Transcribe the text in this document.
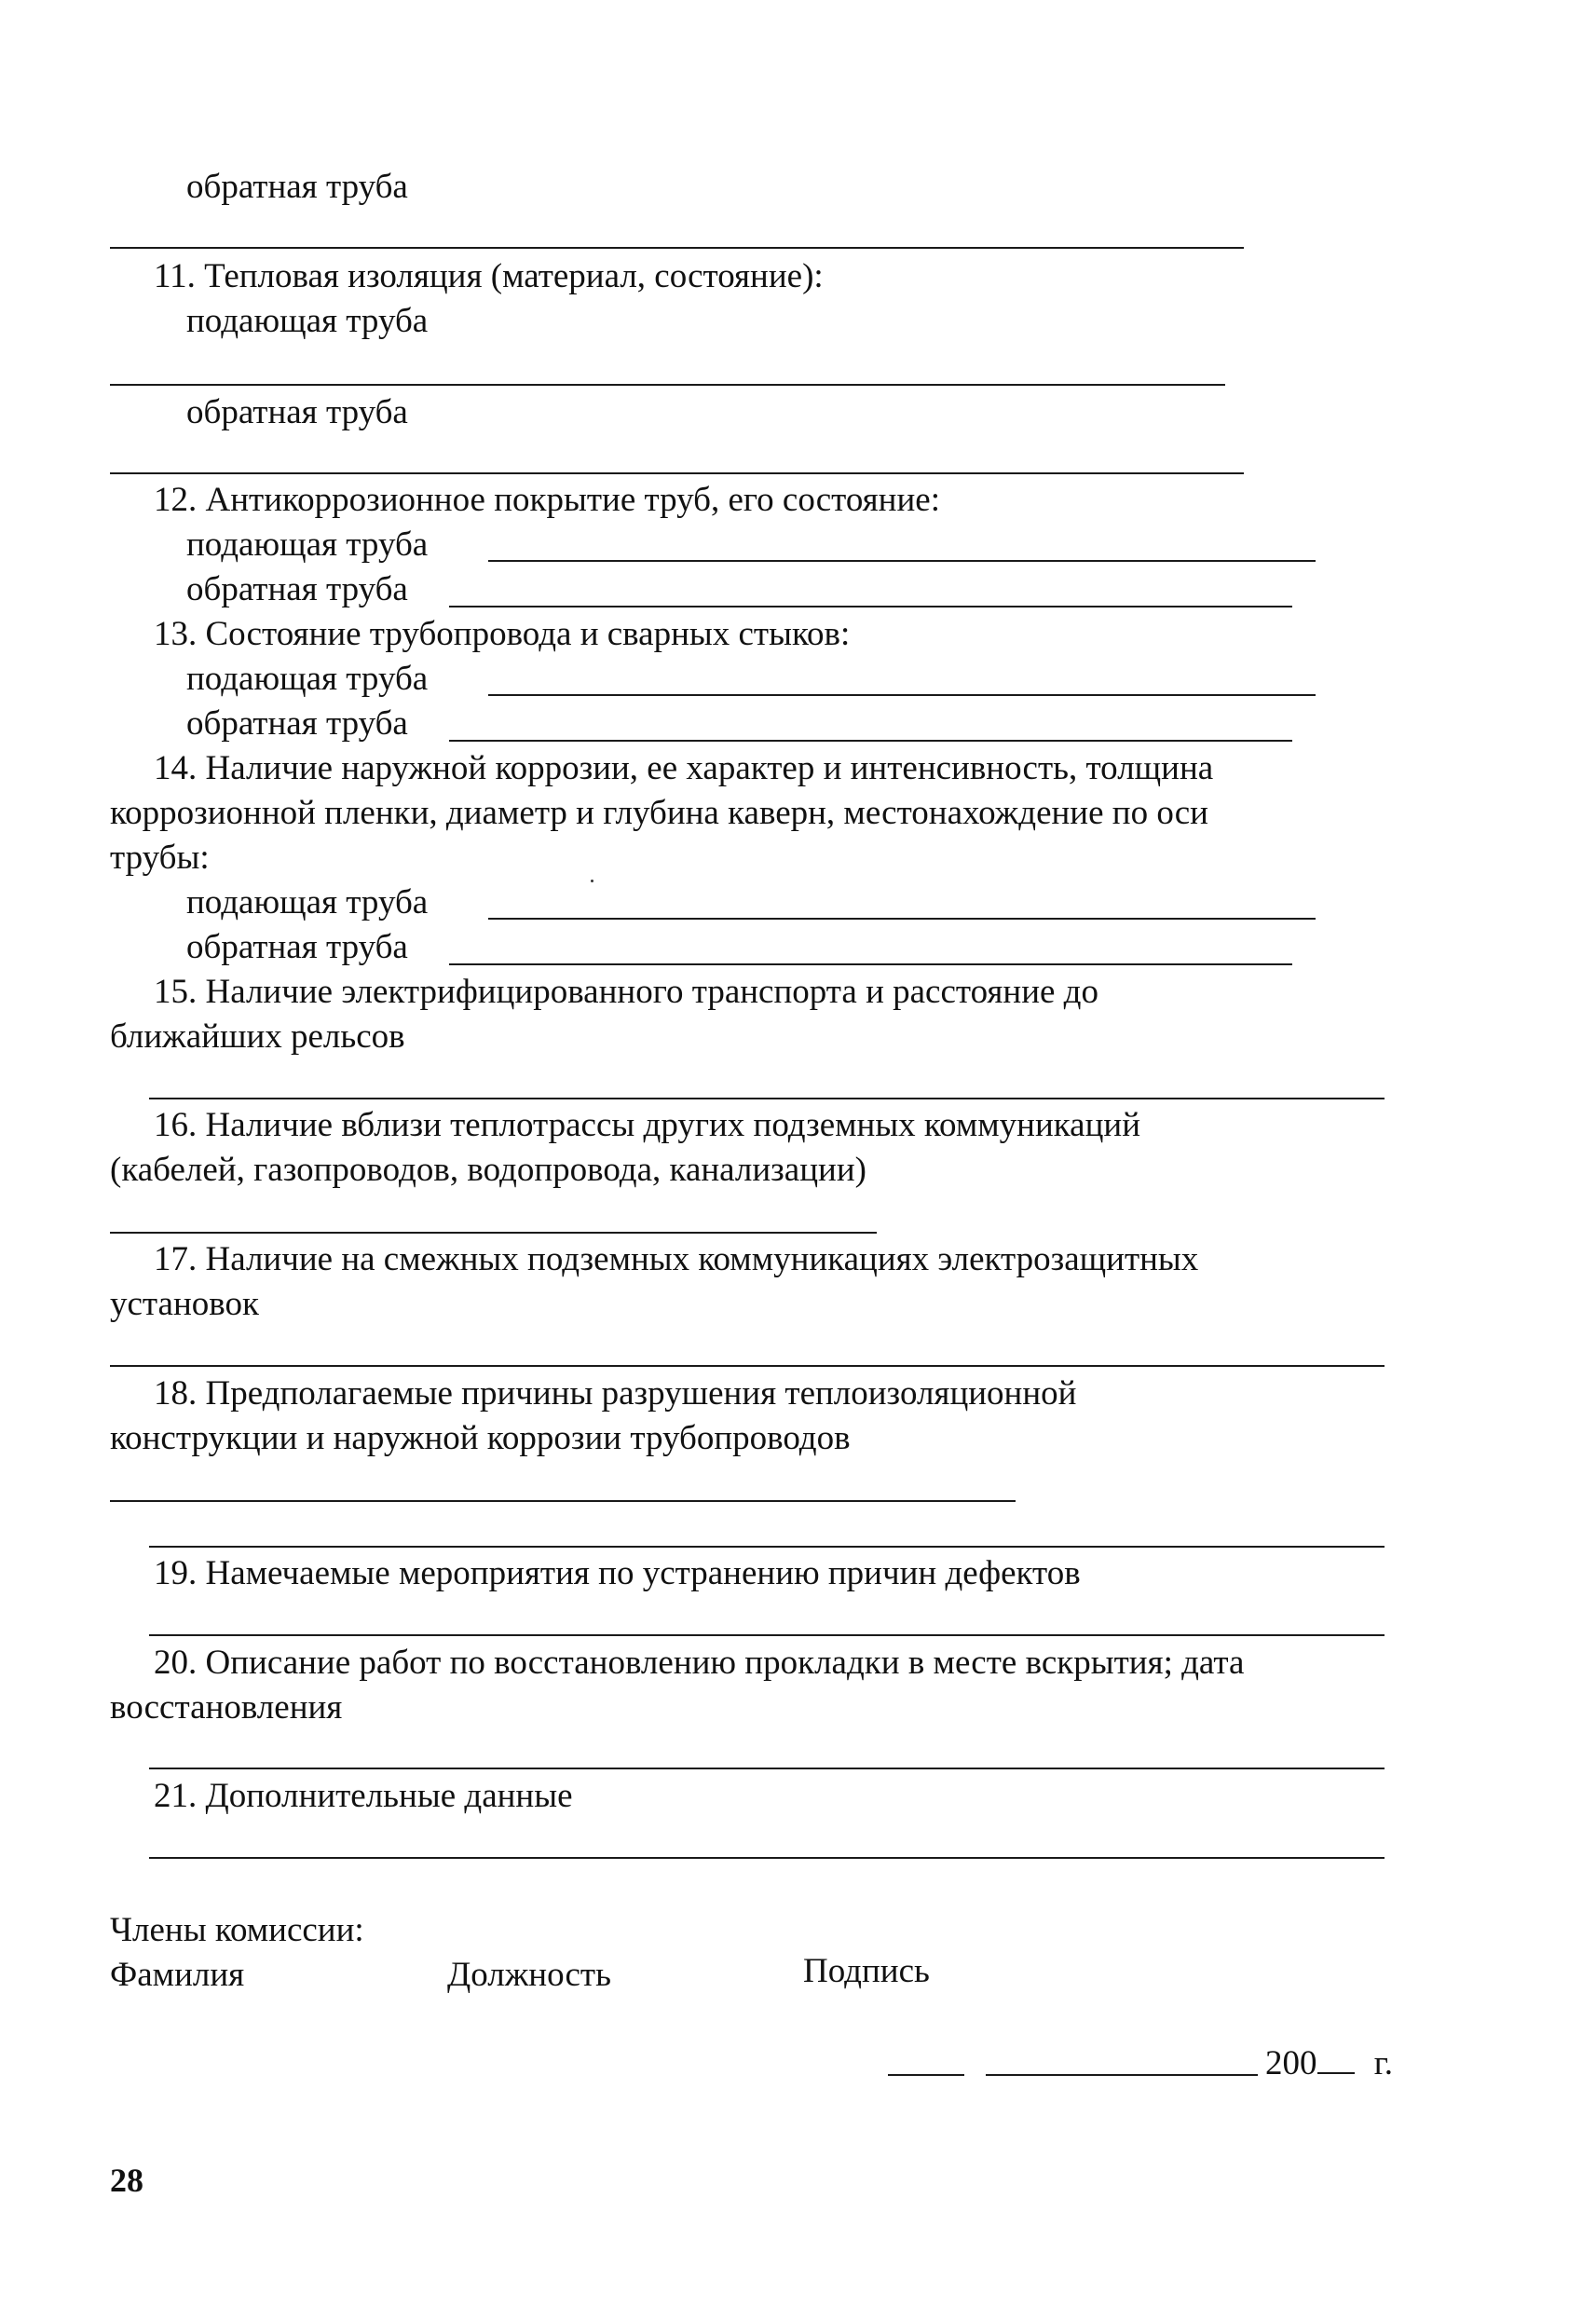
обратная труба
11. Тепловая изоляция (материал, состояние):
подающая труба
обратная труба
12. Антикоррозионное покрытие труб, его состояние:
подающая труба
обратная труба
13. Состояние трубопровода и сварных стыков:
подающая труба
обратная труба
14. Наличие наружной коррозии, ее характер и интенсивность, толщина
коррозионной пленки, диаметр и глубина каверн, местонахождение по оси
трубы:
подающая труба
обратная труба
15. Наличие электрифицированного транспорта и расстояние до
ближайших рельсов
16. Наличие вблизи теплотрассы других подземных коммуникаций
(кабелей, газопроводов, водопровода, канализации)
17. Наличие на смежных подземных коммуникациях электрозащитных
установок
18. Предполагаемые причины разрушения теплоизоляционной
конструкции и наружной коррозии трубопроводов
19. Намечаемые мероприятия по устранению причин дефектов
20. Описание работ по восстановлению прокладки в месте вскрытия; дата
восстановления
21. Дополнительные данные
Члены комиссии:
Фамилия	Должность	Подпись
200 г.
28
